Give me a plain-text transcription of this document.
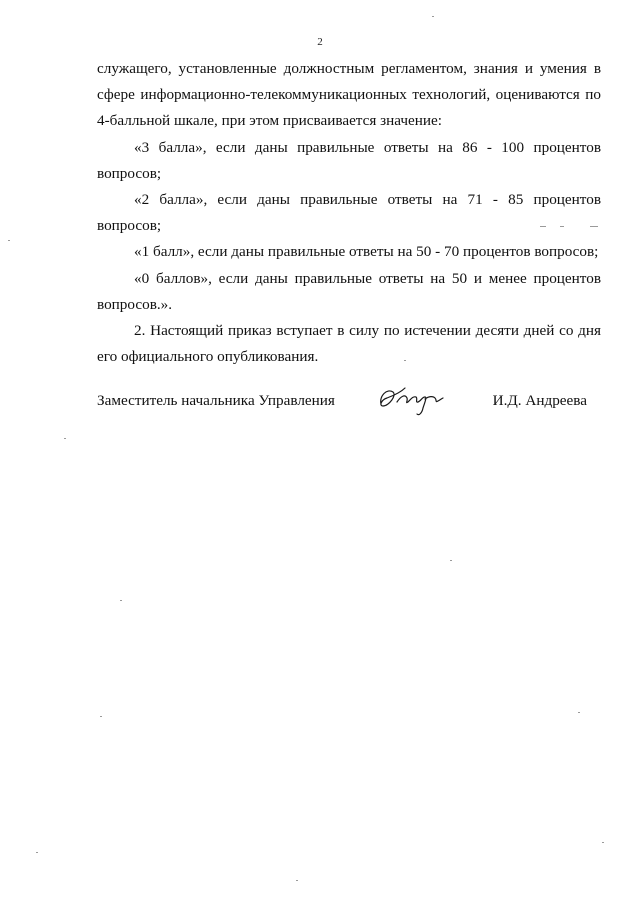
2

служащего, установленные должностным регламентом, знания и умения в сфере информационно-телекоммуникационных технологий, оцениваются по 4-балльной шкале, при этом присваивается значение:

«3 балла», если даны правильные ответы на 86 - 100 процентов вопросов;

«2 балла», если даны правильные ответы на 71 - 85 процентов вопросов;

«1 балл», если даны правильные ответы на 50 - 70 процентов вопросов;

«0 баллов», если даны правильные ответы на 50 и менее процентов вопросов.».

2. Настоящий приказ вступает в силу по истечении десяти дней со дня его официального опубликования.

Заместитель начальника Управления	И.Д. Андреева
